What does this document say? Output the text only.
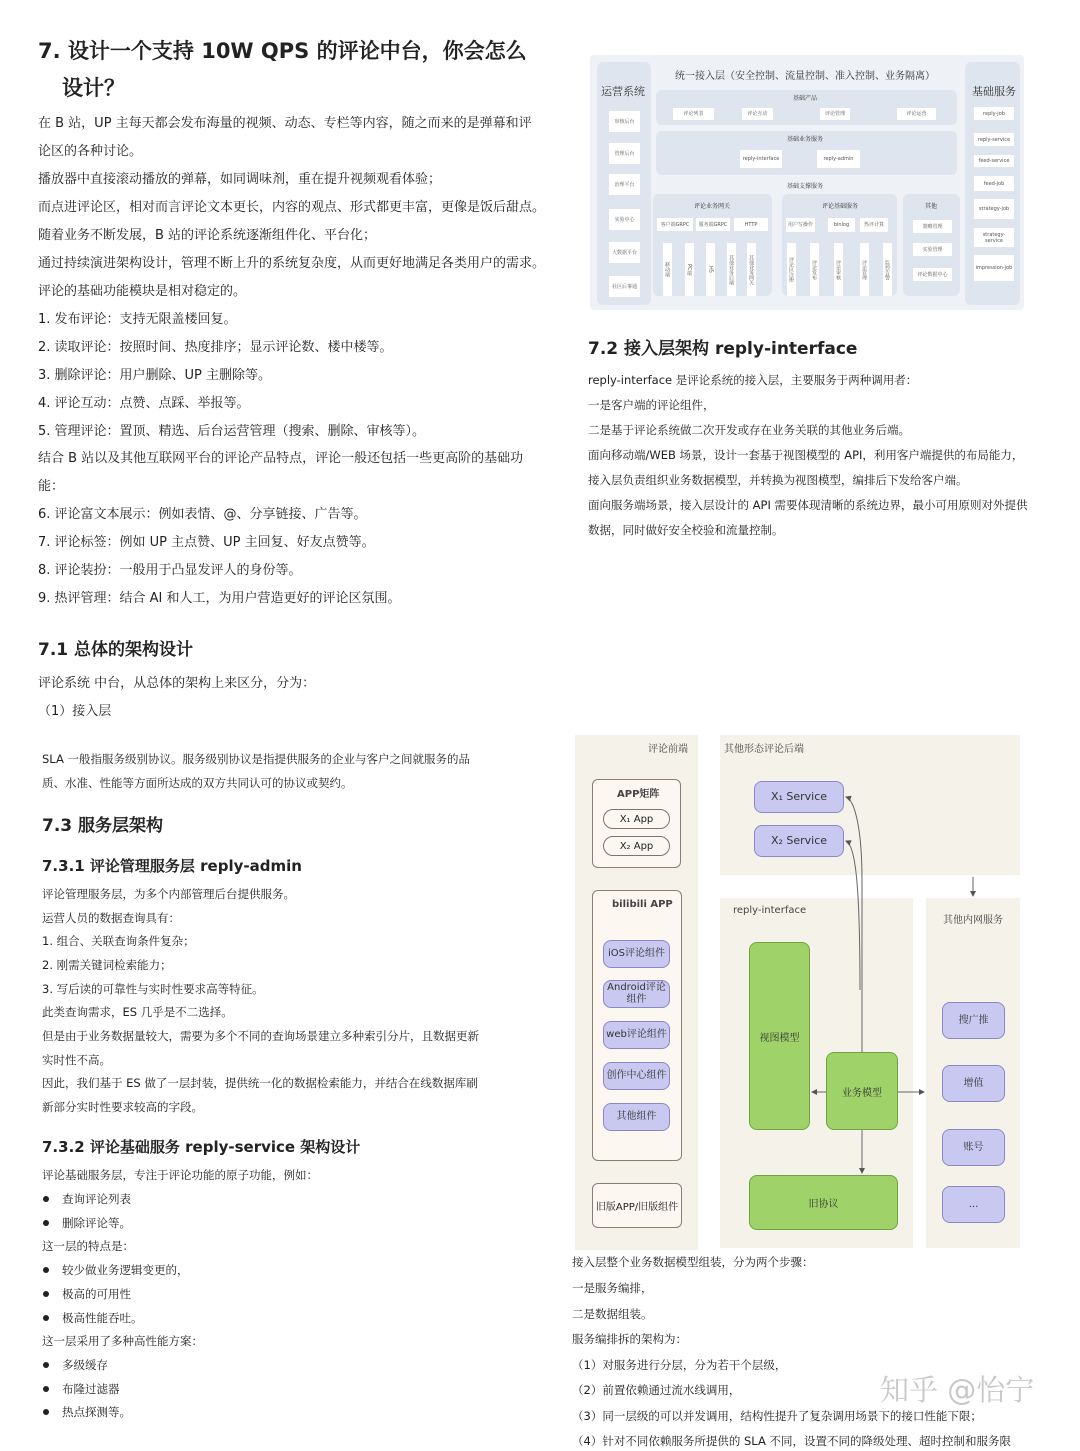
7. 设计一个支持 10W QPS 的评论中台，你会怎么
设计？
在 B 站，UP 主每天都会发布海量的视频、动态、专栏等内容，随之而来的是弹幕和评
论区的各种讨论。
播放器中直接滚动播放的弹幕，如同调味剂，重在提升视频观看体验；
而点进评论区，相对而言评论文本更长，内容的观点、形式都更丰富，更像是饭后甜点。
随着业务不断发展，B 站的评论系统逐渐组件化、平台化；
通过持续演进架构设计，管理不断上升的系统复杂度，从而更好地满足各类用户的需求。
评论的基础功能模块是相对稳定的。
1. 发布评论：支持无限盖楼回复。
2. 读取评论：按照时间、热度排序；显示评论数、楼中楼等。
3. 删除评论：用户删除、UP 主删除等。
4. 评论互动：点赞、点踩、举报等。
5. 管理评论：置顶、精选、后台运营管理（搜索、删除、审核等）。
结合 B 站以及其他互联网平台的评论产品特点，评论一般还包括一些更高阶的基础功
能：
6. 评论富文本展示：例如表情、@、分享链接、广告等。
7. 评论标签：例如 UP 主点赞、UP 主回复、好友点赞等。
8. 评论装扮：一般用于凸显发评人的身份等。
9. 热评管理：结合 AI 和人工，为用户营造更好的评论区氛围。
评论系统 中台，从总体的架构上来区分，分为：
（1）接入层
SLA 一般指服务级别协议。服务级别协议是指提供服务的企业与客户之间就服务的品
质、水准、性能等方面所达成的双方共同认可的协议或契约。
评论管理服务层，为多个内部管理后台提供服务。
运营人员的数据查询具有：
1. 组合、关联查询条件复杂；
2. 刚需关键词检索能力；
3. 写后读的可靠性与实时性要求高等特征。
此类查询需求，ES 几乎是不二选择。
但是由于业务数据量较大，需要为多个不同的查询场景建立多种索引分片，且数据更新
实时性不高。
因此，我们基于 ES 做了一层封装，提供统一化的数据检索能力，并结合在线数据库刷
新部分实时性要求较高的字段。
评论基础服务层，专注于评论功能的原子功能，例如：
查询评论列表
删除评论等。
这一层的特点是：
较少做业务逻辑变更的，
极高的可用性
极高性能吞吐。
这一层采用了多种高性能方案：
多级缓存
布隆过滤器
热点探测等。
7.1 总体的架构设计
7.3 服务层架构
7.3.1 评论管理服务层 reply-admin
7.3.2 评论基础服务 reply-service 架构设计
运营系统
审核后台
管理后台
治理平台
实验中心
大数据平台
社区后事通
基础服务
reply-job
reply-service
feed-service
feed-job
strategy-job
strategy-service
impression-job
统一接入层（安全控制、流量控制、准入控制、业务隔离）
基础产品
评论列表	评论互动	评论管理	评论运营
基础业务服务
reply-interface	reply-admin
基础支撑服务
评论业务网关	评论基础服务	其他
客户端GRPC	服务端GRPC	HTTP
移动端	PC端	H5	其他业务后端	其他业务网关
用户写操作	binlog	热评计算
评论区注册	评论发布	评论审核	评论管理	监控告警
策略管理
实验管理
评论数据中心
7.2 接入层架构 reply-interface
reply-interface 是评论系统的接入层，主要服务于两种调用者：
一是客户端的评论组件，
二是基于评论系统做二次开发或存在业务关联的其他业务后端。
面向移动端/WEB 场景，设计一套基于视图模型的 API，利用客户端提供的布局能力，
接入层负责组织业务数据模型，并转换为视图模型，编排后下发给客户端。
面向服务端场景，接入层设计的 API 需要体现清晰的系统边界，最小可用原则对外提供
数据，同时做好安全校验和流量控制。
接入层整个业务数据模型组装，分为两个步骤：
一是服务编排，
二是数据组装。
服务编排拆的架构为：
（1）对服务进行分层，分为若干个层级，
（2）前置依赖通过流水线调用，
（3）同一层级的可以并发调用，结构性提升了复杂调用场景下的接口性能下限；
（4）针对不同依赖服务所提供的 SLA 不同，设置不同的降级处理、超时控制和服务限
评论前端
APP矩阵
X₁ App
X₂ App
bilibili APP
iOS评论组件
Android评论组件
web评论组件
创作中心组件
其他组件
旧版APP/旧版组件
其他形态评论后端
X₁ Service
X₂ Service
reply-interface
视图模型
业务模型
旧协议
其他内网服务
搜广推
增值
账号
...
知乎 @怡宁
